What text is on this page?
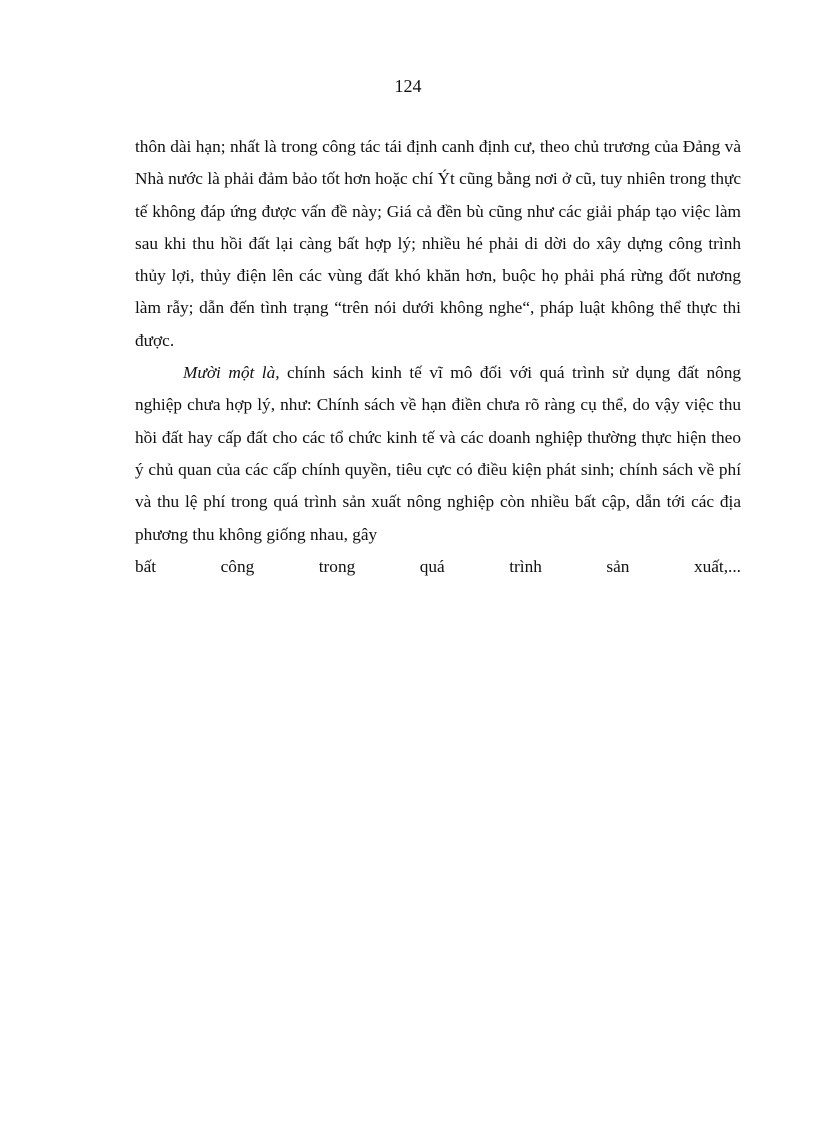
124

thôn dài hạn; nhất là trong công tác tái định canh định cư, theo chủ trương của Đảng và Nhà nước là phải đảm bảo tốt hơn hoặc chí Ýt cũng bằng nơi ở cũ, tuy nhiên trong thực tế không đáp ứng được vấn đề này; Giá cả đền bù cũng như các giải pháp tạo việc làm sau khi thu hồi đất lại càng bất hợp lý; nhiều hé phải di dời do xây dựng công trình thủy lợi, thủy điện lên các vùng đất khó khăn hơn, buộc họ phải phá rừng đốt nương làm rẫy; dẫn đến tình trạng “trên nói dưới không nghe“, pháp luật không thể thực thi được.

Mười một là, chính sách kinh tế vĩ mô đối với quá trình sử dụng đất nông nghiệp chưa hợp lý, như: Chính sách về hạn điền chưa rõ ràng cụ thể, do vậy việc thu hồi đất hay cấp đất cho các tổ chức kinh tế và các doanh nghiệp thường thực hiện theo ý chủ quan của các cấp chính quyền, tiêu cực có điều kiện phát sinh; chính sách về phí và thu lệ phí trong quá trình sản xuất nông nghiệp còn nhiều bất cập, dẫn tới các địa phương thu không giống nhau, gây

bất	công	trong	quá	trình	sản	xuất,...
